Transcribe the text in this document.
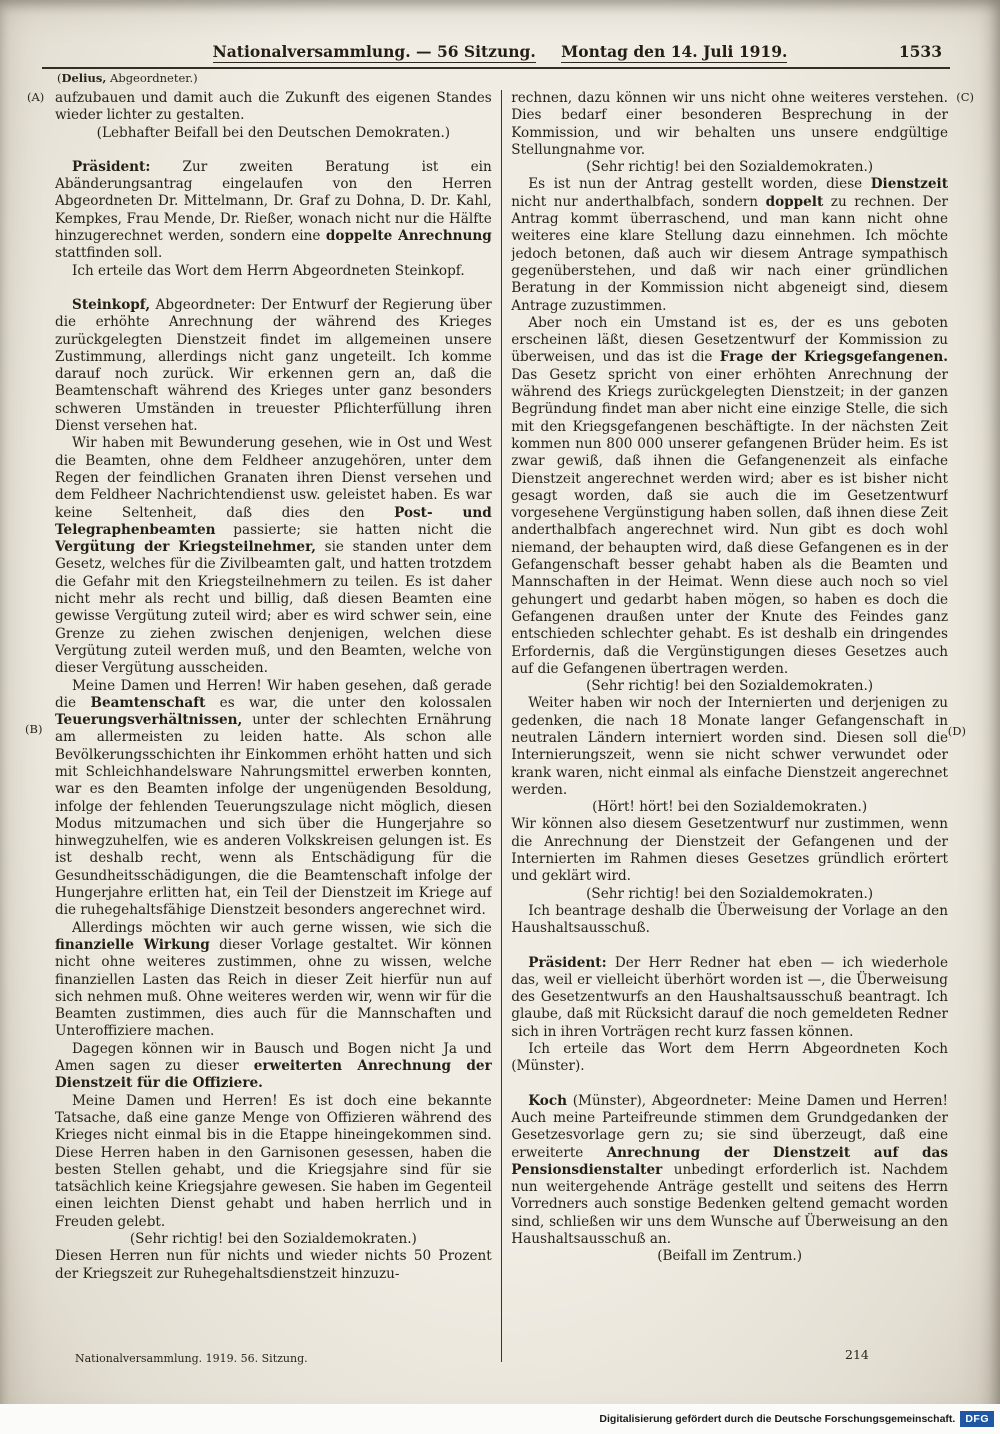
Nationalversammlung. — 56 Sitzung. Montag den 14. Juli 1919.	1533
(Delius, Abgeordneter.)
(A)
(B)
(C)
(D)

aufzubauen und damit auch die Zukunft des eigenen Standes wieder lichter zu gestalten.

(Lebhafter Beifall bei den Deutschen Demokraten.)

Präsident: Zur zweiten Beratung ist ein Abänderungsantrag eingelaufen von den Herren Abgeordneten Dr. Mittelmann, Dr. Graf zu Dohna, D. Dr. Kahl, Kempkes, Frau Mende, Dr. Rießer, wonach nicht nur die Hälfte hinzugerechnet werden, sondern eine doppelte Anrechnung stattfinden soll.

Ich erteile das Wort dem Herrn Abgeordneten Steinkopf.

Steinkopf, Abgeordneter: Der Entwurf der Regierung über die erhöhte Anrechnung der während des Krieges zurückgelegten Dienstzeit findet im allgemeinen unsere Zustimmung, allerdings nicht ganz ungeteilt. Ich komme darauf noch zurück. Wir erkennen gern an, daß die Beamtenschaft während des Krieges unter ganz besonders schweren Umständen in treuester Pflichterfüllung ihren Dienst versehen hat.

Wir haben mit Bewunderung gesehen, wie in Ost und West die Beamten, ohne dem Feldheer anzugehören, unter dem Regen der feindlichen Granaten ihren Dienst versehen und dem Feldheer Nachrichtendienst usw. geleistet haben. Es war keine Seltenheit, daß dies den Post- und Telegraphenbeamten passierte; sie hatten nicht die Vergütung der Kriegsteilnehmer, sie standen unter dem Gesetz, welches für die Zivilbeamten galt, und hatten trotzdem die Gefahr mit den Kriegsteilnehmern zu teilen. Es ist daher nicht mehr als recht und billig, daß diesen Beamten eine gewisse Vergütung zuteil wird; aber es wird schwer sein, eine Grenze zu ziehen zwischen denjenigen, welchen diese Vergütung zuteil werden muß, und den Beamten, welche von dieser Vergütung ausscheiden.

Meine Damen und Herren! Wir haben gesehen, daß gerade die Beamtenschaft es war, die unter den kolossalen Teuerungsverhältnissen, unter der schlechten Ernährung am allermeisten zu leiden hatte. Als schon alle Bevölkerungsschichten ihr Einkommen erhöht hatten und sich mit Schleichhandelsware Nahrungsmittel erwerben konnten, war es den Beamten infolge der ungenügenden Besoldung, infolge der fehlenden Teuerungszulage nicht möglich, diesen Modus mitzumachen und sich über die Hungerjahre so hinwegzuhelfen, wie es anderen Volkskreisen gelungen ist. Es ist deshalb recht, wenn als Entschädigung für die Gesundheitsschädigungen, die die Beamtenschaft infolge der Hungerjahre erlitten hat, ein Teil der Dienstzeit im Kriege auf die ruhegehaltsfähige Dienstzeit besonders angerechnet wird.

Allerdings möchten wir auch gerne wissen, wie sich die finanzielle Wirkung dieser Vorlage gestaltet. Wir können nicht ohne weiteres zustimmen, ohne zu wissen, welche finanziellen Lasten das Reich in dieser Zeit hierfür nun auf sich nehmen muß. Ohne weiteres werden wir, wenn wir für die Beamten zustimmen, dies auch für die Mannschaften und Unteroffiziere machen.

Dagegen können wir in Bausch und Bogen nicht Ja und Amen sagen zu dieser erweiterten Anrechnung der Dienstzeit für die Offiziere.

Meine Damen und Herren! Es ist doch eine bekannte Tatsache, daß eine ganze Menge von Offizieren während des Krieges nicht einmal bis in die Etappe hineingekommen sind. Diese Herren haben in den Garnisonen gesessen, haben die besten Stellen gehabt, und die Kriegsjahre sind für sie tatsächlich keine Kriegsjahre gewesen. Sie haben im Gegenteil einen leichten Dienst gehabt und haben herrlich und in Freuden gelebt.

(Sehr richtig! bei den Sozialdemokraten.)

Diesen Herren nun für nichts und wieder nichts 50 Prozent der Kriegszeit zur Ruhegehaltsdienstzeit hinzuzu-

rechnen, dazu können wir uns nicht ohne weiteres verstehen. Dies bedarf einer besonderen Besprechung in der Kommission, und wir behalten uns unsere endgültige Stellungnahme vor.

(Sehr richtig! bei den Sozialdemokraten.)

Es ist nun der Antrag gestellt worden, diese Dienstzeit nicht nur anderthalbfach, sondern doppelt zu rechnen. Der Antrag kommt überraschend, und man kann nicht ohne weiteres eine klare Stellung dazu einnehmen. Ich möchte jedoch betonen, daß auch wir diesem Antrage sympathisch gegenüberstehen, und daß wir nach einer gründlichen Beratung in der Kommission nicht abgeneigt sind, diesem Antrage zuzustimmen.

Aber noch ein Umstand ist es, der es uns geboten erscheinen läßt, diesen Gesetzentwurf der Kommission zu überweisen, und das ist die Frage der Kriegsgefangenen. Das Gesetz spricht von einer erhöhten Anrechnung der während des Kriegs zurückgelegten Dienstzeit; in der ganzen Begründung findet man aber nicht eine einzige Stelle, die sich mit den Kriegsgefangenen beschäftigte. In der nächsten Zeit kommen nun 800 000 unserer gefangenen Brüder heim. Es ist zwar gewiß, daß ihnen die Gefangenenzeit als einfache Dienstzeit angerechnet werden wird; aber es ist bisher nicht gesagt worden, daß sie auch die im Gesetzentwurf vorgesehene Vergünstigung haben sollen, daß ihnen diese Zeit anderthalbfach angerechnet wird. Nun gibt es doch wohl niemand, der behaupten wird, daß diese Gefangenen es in der Gefangenschaft besser gehabt haben als die Beamten und Mannschaften in der Heimat. Wenn diese auch noch so viel gehungert und gedarbt haben mögen, so haben es doch die Gefangenen draußen unter der Knute des Feindes ganz entschieden schlechter gehabt. Es ist deshalb ein dringendes Erfordernis, daß die Vergünstigungen dieses Gesetzes auch auf die Gefangenen übertragen werden.

(Sehr richtig! bei den Sozialdemokraten.)

Weiter haben wir noch der Internierten und derjenigen zu gedenken, die nach 18 Monate langer Gefangenschaft in neutralen Ländern interniert worden sind. Diesen soll die Internierungszeit, wenn sie nicht schwer verwundet oder krank waren, nicht einmal als einfache Dienstzeit angerechnet werden.

(Hört! hört! bei den Sozialdemokraten.)

Wir können also diesem Gesetzentwurf nur zustimmen, wenn die Anrechnung der Dienstzeit der Gefangenen und der Internierten im Rahmen dieses Gesetzes gründlich erörtert und geklärt wird.

(Sehr richtig! bei den Sozialdemokraten.)

Ich beantrage deshalb die Überweisung der Vorlage an den Haushaltsausschuß.

Präsident: Der Herr Redner hat eben — ich wiederhole das, weil er vielleicht überhört worden ist —, die Überweisung des Gesetzentwurfs an den Haushaltsausschuß beantragt. Ich glaube, daß mit Rücksicht darauf die noch gemeldeten Redner sich in ihren Vorträgen recht kurz fassen können.

Ich erteile das Wort dem Herrn Abgeordneten Koch (Münster).

Koch (Münster), Abgeordneter: Meine Damen und Herren! Auch meine Parteifreunde stimmen dem Grundgedanken der Gesetzesvorlage gern zu; sie sind überzeugt, daß eine erweiterte Anrechnung der Dienstzeit auf das Pensionsdienstalter unbedingt erforderlich ist. Nachdem nun weitergehende Anträge gestellt und seitens des Herrn Vorredners auch sonstige Bedenken geltend gemacht worden sind, schließen wir uns dem Wunsche auf Überweisung an den Haushaltsausschuß an.

(Beifall im Zentrum.)

Nationalversammlung. 1919. 56. Sitzung.	214
Digitalisierung gefördert durch die Deutsche Forschungsgemeinschaft. DFG
